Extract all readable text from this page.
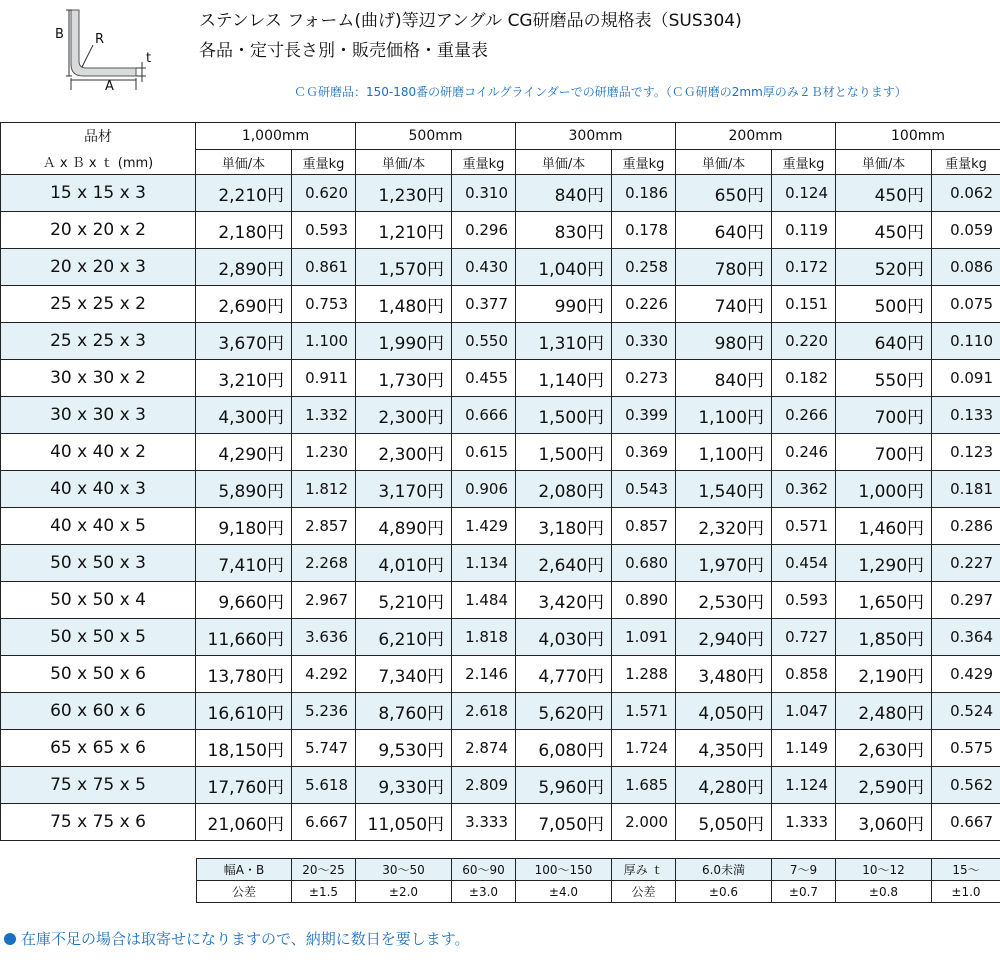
B R
t
A
ステンレス フォーム(曲げ)等辺アングル CG研磨品の規格表（SUS304)
各品・定寸長さ別・販売価格・重量表
ＣＧ研磨品：150-180番の研磨コイルグラインダーでの研磨品です。（ＣＧ研磨の2mm厚のみ２Ｂ材となります）
品材	1,000mm		500mm		300mm		200mm		100mm	
Ａ x Ｂ x ｔ (mm)	単価/本	重量kg	単価/本	重量kg	単価/本	重量kg	単価/本	重量kg	単価/本	重量kg
15 x 15 x 3	2,210円	0.620	1,230円	0.310	840円	0.186	650円	0.124	450円	0.062
20 x 20 x 2	2,180円	0.593	1,210円	0.296	830円	0.178	640円	0.119	450円	0.059
20 x 20 x 3	2,890円	0.861	1,570円	0.430	1,040円	0.258	780円	0.172	520円	0.086
25 x 25 x 2	2,690円	0.753	1,480円	0.377	990円	0.226	740円	0.151	500円	0.075
25 x 25 x 3	3,670円	1.100	1,990円	0.550	1,310円	0.330	980円	0.220	640円	0.110
30 x 30 x 2	3,210円	0.911	1,730円	0.455	1,140円	0.273	840円	0.182	550円	0.091
30 x 30 x 3	4,300円	1.332	2,300円	0.666	1,500円	0.399	1,100円	0.266	700円	0.133
40 x 40 x 2	4,290円	1.230	2,300円	0.615	1,500円	0.369	1,100円	0.246	700円	0.123
40 x 40 x 3	5,890円	1.812	3,170円	0.906	2,080円	0.543	1,540円	0.362	1,000円	0.181
40 x 40 x 5	9,180円	2.857	4,890円	1.429	3,180円	0.857	2,320円	0.571	1,460円	0.286
50 x 50 x 3	7,410円	2.268	4,010円	1.134	2,640円	0.680	1,970円	0.454	1,290円	0.227
50 x 50 x 4	9,660円	2.967	5,210円	1.484	3,420円	0.890	2,530円	0.593	1,650円	0.297
50 x 50 x 5	11,660円	3.636	6,210円	1.818	4,030円	1.091	2,940円	0.727	1,850円	0.364
50 x 50 x 6	13,780円	4.292	7,340円	2.146	4,770円	1.288	3,480円	0.858	2,190円	0.429
60 x 60 x 6	16,610円	5.236	8,760円	2.618	5,620円	1.571	4,050円	1.047	2,480円	0.524
65 x 65 x 6	18,150円	5.747	9,530円	2.874	6,080円	1.724	4,350円	1.149	2,630円	0.575
75 x 75 x 5	17,760円	5.618	9,330円	2.809	5,960円	1.685	4,280円	1.124	2,590円	0.562
75 x 75 x 6	21,060円	6.667	11,050円	3.333	7,050円	2.000	5,050円	1.333	3,060円	0.667
幅A・B	20〜25	30〜50	60〜90	100〜150	厚み ｔ	6.0未満	7〜9	10〜12	15〜
公差	±1.5	±2.0	±3.0	±4.0	公差	±0.6	±0.7	±0.8	±1.0
在庫不足の場合は取寄せになりますので、納期に数日を要します。
